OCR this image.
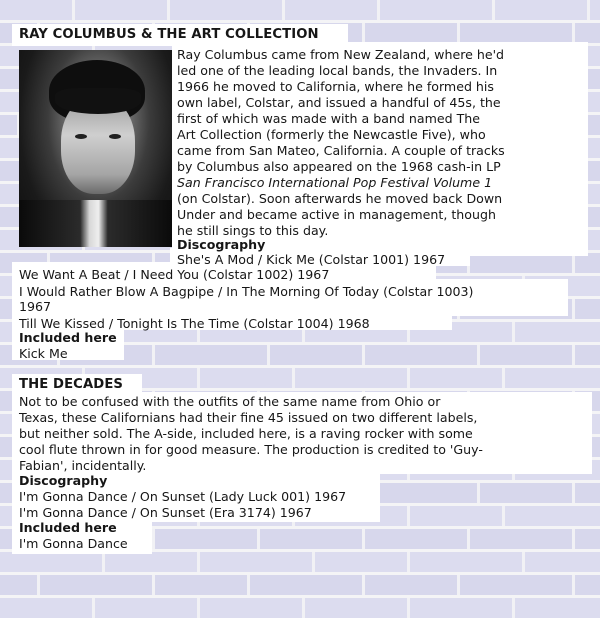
RAY COLUMBUS & THE ART COLLECTION
Ray Columbus came from New Zealand, where he'd
led one of the leading local bands, the Invaders. In
1966 he moved to California, where he formed his
own label, Colstar, and issued a handful of 45s, the
first of which was made with a band named The
Art Collection (formerly the Newcastle Five), who
came from San Mateo, California. A couple of tracks
by Columbus also appeared on the 1968 cash-in LP
San Francisco International Pop Festival Volume 1
(on Colstar). Soon afterwards he moved back Down
Under and became active in management, though
he still sings to this day.
Discography
She's A Mod / Kick Me (Colstar 1001) 1967
We Want A Beat / I Need You (Colstar 1002) 1967
I Would Rather Blow A Bagpipe / In The Morning Of Today (Colstar 1003)
1967
Till We Kissed / Tonight Is The Time (Colstar 1004) 1968
Included here
Kick Me
THE DECADES
Not to be confused with the outfits of the same name from Ohio or
Texas, these Californians had their fine 45 issued on two different labels,
but neither sold. The A-side, included here, is a raving rocker with some
cool flute thrown in for good measure. The production is credited to 'Guy-
Fabian', incidentally.
Discography
I'm Gonna Dance / On Sunset (Lady Luck 001) 1967
I'm Gonna Dance / On Sunset (Era 3174) 1967
Included here
I'm Gonna Dance
